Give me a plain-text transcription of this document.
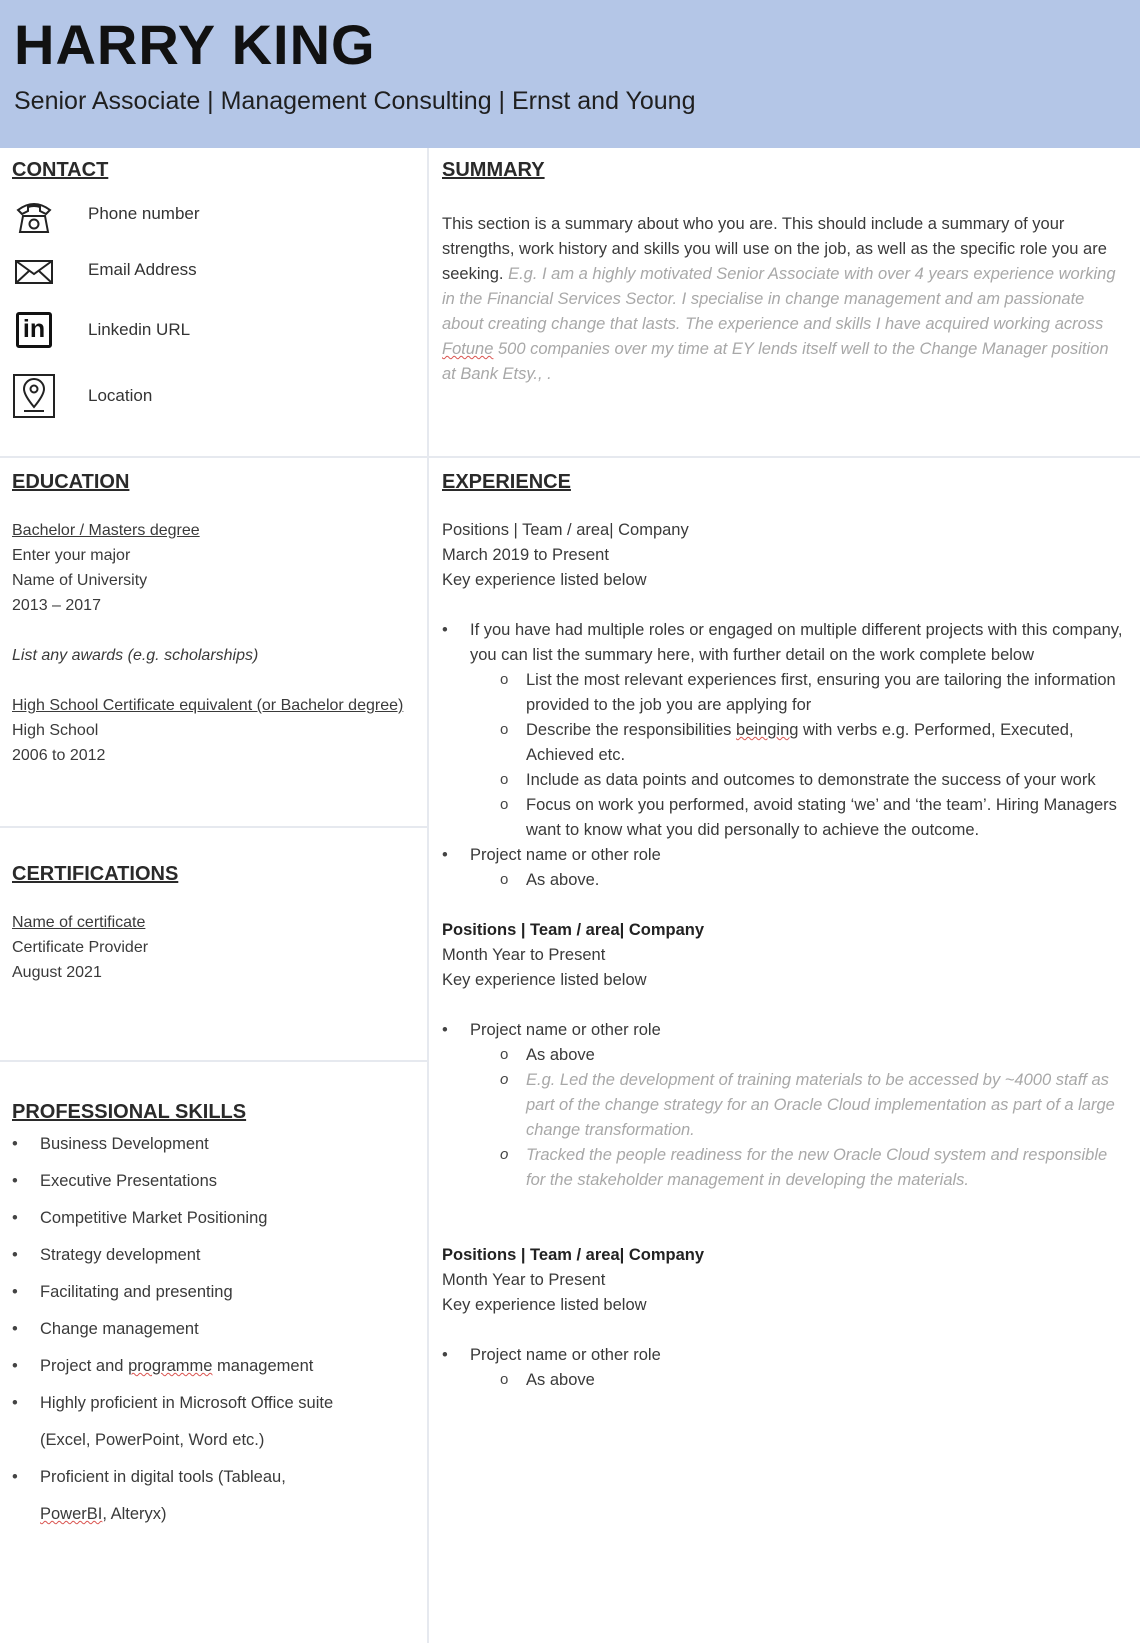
HARRY KING
Senior Associate | Management Consulting | Ernst and Young
CONTACT
Phone number
Email Address
in	Linkedin URL
Location
SUMMARY
This section is a summary about who you are. This should include a summary of your strengths, work history and skills you will use on the job, as well as the specific role you are seeking. E.g. I am a highly motivated Senior Associate with over 4 years experience working in the Financial Services Sector. I specialise in change management and am passionate about creating change that lasts. The experience and skills I have acquired working across Fotune 500 companies over my time at EY lends itself well to the Change Manager position at Bank Etsy., .
EDUCATION
Bachelor / Masters degree
Enter your major
Name of University
2013 – 2017
List any awards (e.g. scholarships)
High School Certificate equivalent (or Bachelor degree)
High School
2006 to 2012
CERTIFICATIONS
Name of certificate
Certificate Provider
August 2021
PROFESSIONAL SKILLS
• Business Development
• Executive Presentations
• Competitive Market Positioning
• Strategy development
• Facilitating and presenting
• Change management
• Project and programme management
• Highly proficient in Microsoft Office suite
(Excel, PowerPoint, Word etc.)
• Proficient in digital tools (Tableau,
PowerBI, Alteryx)
EXPERIENCE
Positions | Team / area| Company
March 2019 to Present
Key experience listed below
• If you have had multiple roles or engaged on multiple different projects with this company, you can list the summary here, with further detail on the work complete below
o List the most relevant experiences first, ensuring you are tailoring the information provided to the job you are applying for
o Describe the responsibilities beinging with verbs e.g. Performed, Executed, Achieved etc.
o Include as data points and outcomes to demonstrate the success of your work
o Focus on work you performed, avoid stating ‘we’ and ‘the team’. Hiring Managers want to know what you did personally to achieve the outcome.
• Project name or other role
o As above.
Positions | Team / area| Company
Month Year to Present
Key experience listed below
• Project name or other role
o As above
o E.g. Led the development of training materials to be accessed by ~4000 staff as part of the change strategy for an Oracle Cloud implementation as part of a large change transformation.
o Tracked the people readiness for the new Oracle Cloud system and responsible for the stakeholder management in developing the materials.
Positions | Team / area| Company
Month Year to Present
Key experience listed below
• Project name or other role
o As above
